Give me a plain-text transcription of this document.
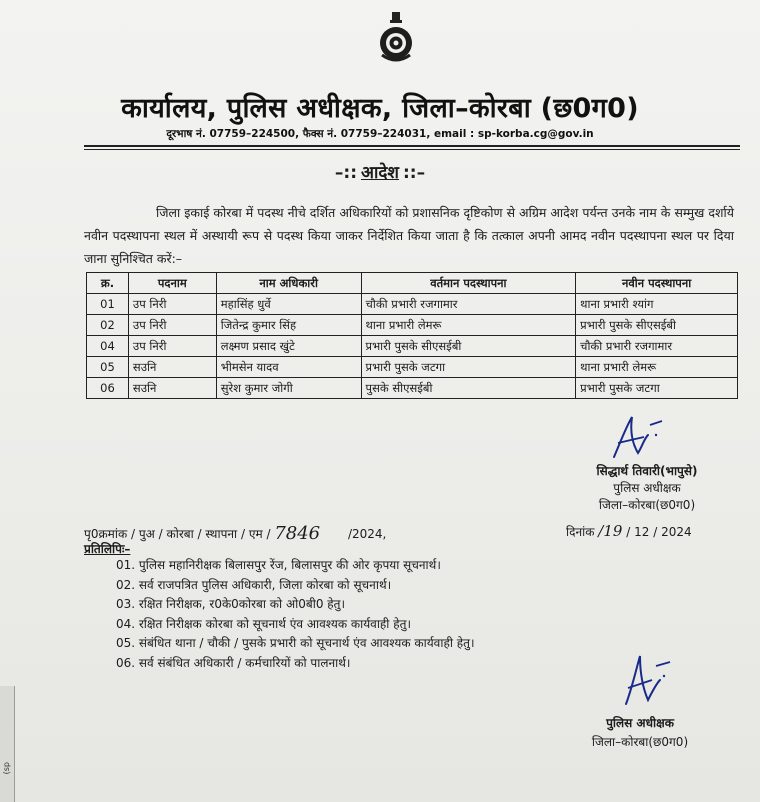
कार्यालय, पुलिस अधीक्षक, जिला–कोरबा (छ0ग0)
दूरभाष नं. 07759–224500, फैक्स नं. 07759–224031, email : sp-korba.cg@gov.in
–:: आदेश ::–
जिला इकाई कोरबा में पदस्थ नीचे दर्शित अधिकारियों को प्रशासनिक दृष्टिकोण से अग्रिम आदेश पर्यन्त उनके नाम के सम्मुख दर्शाये नवीन पदस्थापना स्थल में अस्थायी रूप से पदस्थ किया जाकर निर्देशित किया जाता है कि तत्काल अपनी आमद नवीन पदस्थापना स्थल पर दिया जाना सुनिश्चित करें:–
क्र.	पदनाम	नाम अधिकारी	वर्तमान पदस्थापना	नवीन पदस्थापना
01	उप निरी	महासिंह धुर्वे	चौकी प्रभारी रजगामार	थाना प्रभारी श्यांग
02	उप निरी	जितेन्द्र कुमार सिंह	थाना प्रभारी लेमरू	प्रभारी पुसके सीएसईबी
04	उप निरी	लक्ष्मण प्रसाद खुंटे	प्रभारी पुसके सीएसईबी	चौकी प्रभारी रजगामार
05	सउनि	भीमसेन यादव	प्रभारी पुसके जटगा	थाना प्रभारी लेमरू
06	सउनि	सुरेश कुमार जोगी	पुसके सीएसईबी	प्रभारी पुसके जटगा
सिद्धार्थ तिवारी(भापुसे)
पुलिस अधीक्षक
जिला–कोरबा(छ0ग0)
पृ0क्रमांक / पुअ / कोरबा / स्थापना / एम / 7846 /2024,	दिनांक /19 / 12 / 2024
प्रतिलिपिः–
01. पुलिस महानिरीक्षक बिलासपुर रेंज, बिलासपुर की ओर कृपया सूचनार्थ।
02. सर्व राजपत्रित पुलिस अधिकारी, जिला कोरबा को सूचनार्थ।
03. रक्षित निरीक्षक, र0के0कोरबा को ओ0बी0 हेतु।
04. रक्षित निरीक्षक कोरबा को सूचनार्थ एंव आवश्यक कार्यवाही हेतु।
05. संबंधित थाना / चौकी / पुसके प्रभारी को सूचनार्थ एंव आवश्यक कार्यवाही हेतु।
06. सर्व संबंधित अधिकारी / कर्मचारियों को पालनार्थ।
पुलिस अधीक्षक
जिला–कोरबा(छ0ग0)
(sp
